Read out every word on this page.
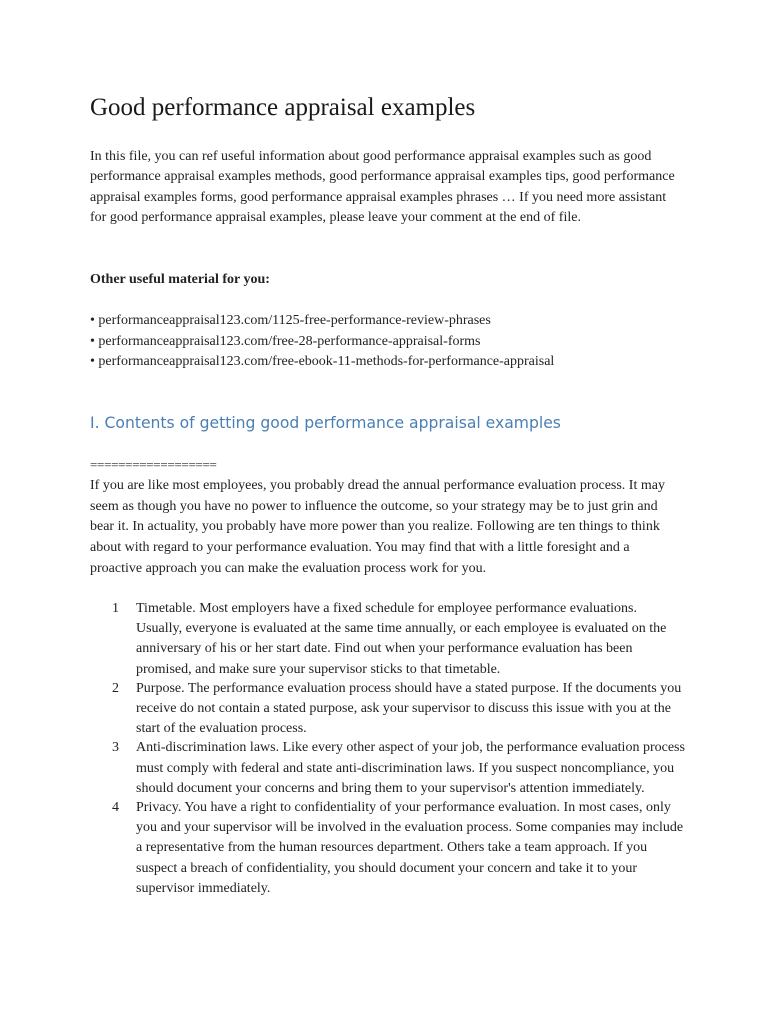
Good performance appraisal examples

In this file, you can ref useful information about good performance appraisal examples such as good performance appraisal examples methods, good performance appraisal examples tips, good performance appraisal examples forms, good performance appraisal examples phrases … If you need more assistant for good performance appraisal examples, please leave your comment at the end of file.

Other useful material for you:

• performanceappraisal123.com/1125-free-performance-review-phrases
• performanceappraisal123.com/free-28-performance-appraisal-forms
• performanceappraisal123.com/free-ebook-11-methods-for-performance-appraisal
I. Contents of getting good performance appraisal examples

==================

If you are like most employees, you probably dread the annual performance evaluation process. It may seem as though you have no power to influence the outcome, so your strategy may be to just grin and bear it. In actuality, you probably have more power than you realize. Following are ten things to think about with regard to your performance evaluation. You may find that with a little foresight and a proactive approach you can make the evaluation process work for you.

1 Timetable. Most employers have a fixed schedule for employee performance evaluations. Usually, everyone is evaluated at the same time annually, or each employee is evaluated on the anniversary of his or her start date. Find out when your performance evaluation has been promised, and make sure your supervisor sticks to that timetable.
2 Purpose. The performance evaluation process should have a stated purpose. If the documents you receive do not contain a stated purpose, ask your supervisor to discuss this issue with you at the start of the evaluation process.
3 Anti-discrimination laws. Like every other aspect of your job, the performance evaluation process must comply with federal and state anti-discrimination laws. If you suspect noncompliance, you should document your concerns and bring them to your supervisor's attention immediately.
4 Privacy. You have a right to confidentiality of your performance evaluation. In most cases, only you and your supervisor will be involved in the evaluation process. Some companies may include a representative from the human resources department. Others take a team approach. If you suspect a breach of confidentiality, you should document your concern and take it to your supervisor immediately.
